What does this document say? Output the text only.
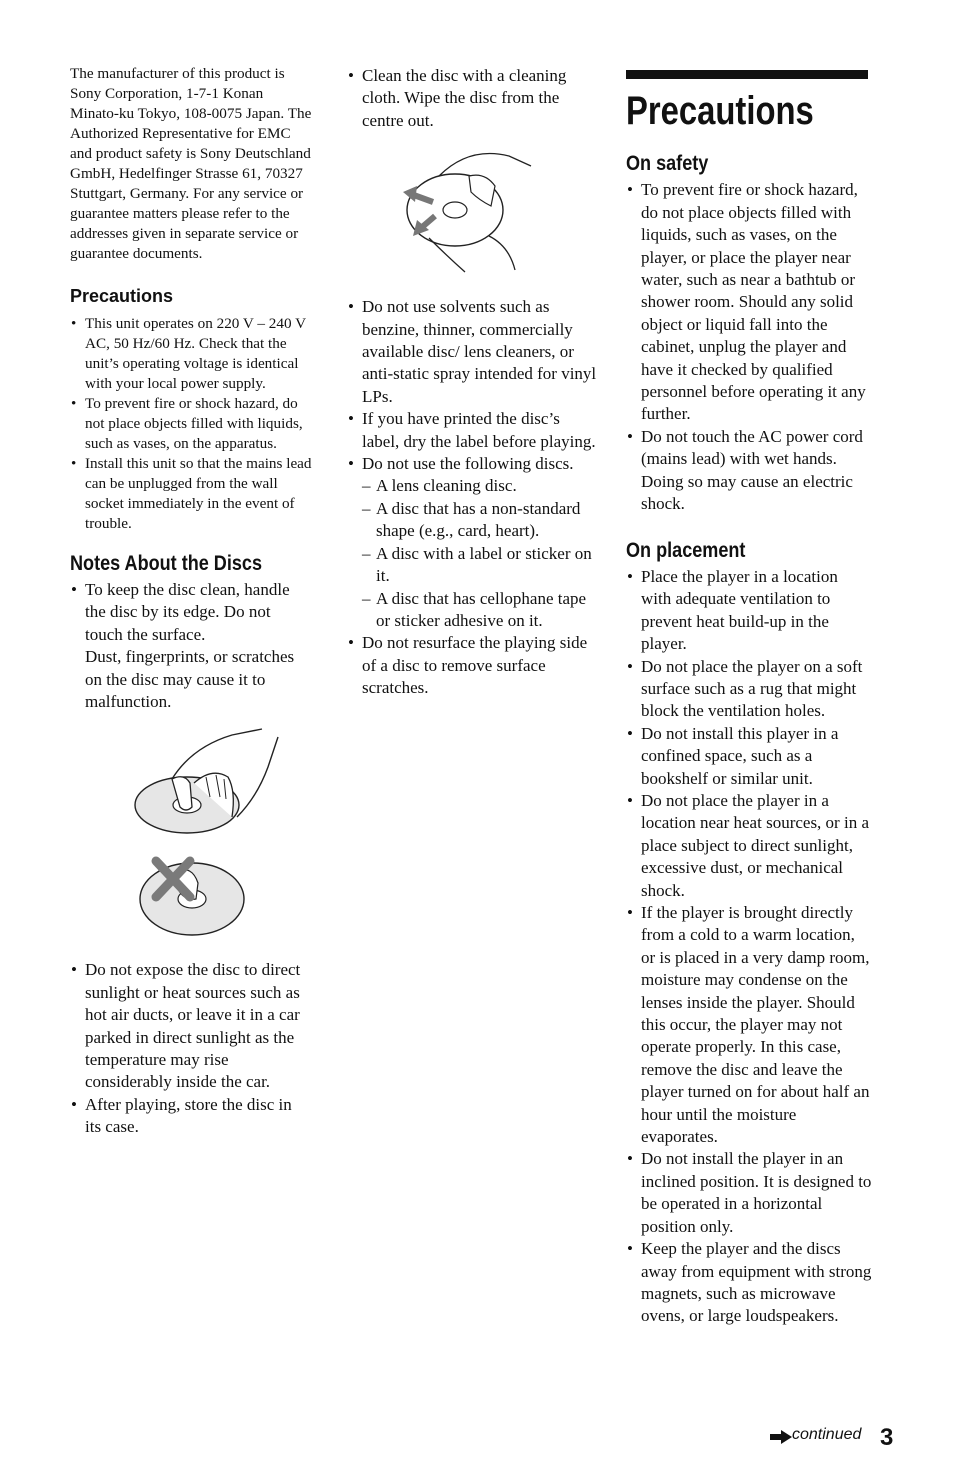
The manufacturer of this product is Sony Corporation, 1-7-1 Konan Minato-ku Tokyo, 108-0075 Japan. The Authorized Representative for EMC and product safety is Sony Deutschland GmbH, Hedelfinger Strasse 61, 70327 Stuttgart, Germany. For any service or guarantee matters please refer to the addresses given in separate service or guarantee documents.

Precautions
• This unit operates on 220 V – 240 V AC, 50 Hz/60 Hz. Check that the unit’s operating voltage is identical with your local power supply.
• To prevent fire or shock hazard, do not place objects filled with liquids, such as vases, on the apparatus.
• Install this unit so that the mains lead can be unplugged from the wall socket immediately in the event of trouble.
Notes About the Discs
• To keep the disc clean, handle the disc by its edge. Do not touch the surface.
Dust, fingerprints, or scratches on the disc may cause it to malfunction.
• Do not expose the disc to direct sunlight or heat sources such as hot air ducts, or leave it in a car parked in direct sunlight as the temperature may rise considerably inside the car.
• After playing, store the disc in its case.
• Clean the disc with a cleaning cloth. Wipe the disc from the centre out.
• Do not use solvents such as benzine, thinner, commercially available disc/ lens cleaners, or anti-static spray intended for vinyl LPs.
• If you have printed the disc’s label, dry the label before playing.
• Do not use the following discs.
– A lens cleaning disc.
– A disc that has a non-standard shape (e.g., card, heart).
– A disc with a label or sticker on it.
– A disc that has cellophane tape or sticker adhesive on it.
• Do not resurface the playing side of a disc to remove surface scratches.
Precautions
On safety
• To prevent fire or shock hazard, do not place objects filled with liquids, such as vases, on the player, or place the player near water, such as near a bathtub or shower room. Should any solid object or liquid fall into the cabinet, unplug the player and have it checked by qualified personnel before operating it any further.
• Do not touch the AC power cord (mains lead) with wet hands. Doing so may cause an electric shock.
On placement
• Place the player in a location with adequate ventilation to prevent heat build-up in the player.
• Do not place the player on a soft surface such as a rug that might block the ventilation holes.
• Do not install this player in a confined space, such as a bookshelf or similar unit.
• Do not place the player in a location near heat sources, or in a place subject to direct sunlight, excessive dust, or mechanical shock.
• If the player is brought directly from a cold to a warm location, or is placed in a very damp room, moisture may condense on the lenses inside the player. Should this occur, the player may not operate properly. In this case, remove the disc and leave the player turned on for about half an hour until the moisture evaporates.
• Do not install the player in an inclined position. It is designed to be operated in a horizontal position only.
• Keep the player and the discs away from equipment with strong magnets, such as microwave ovens, or large loudspeakers.
continued 3
